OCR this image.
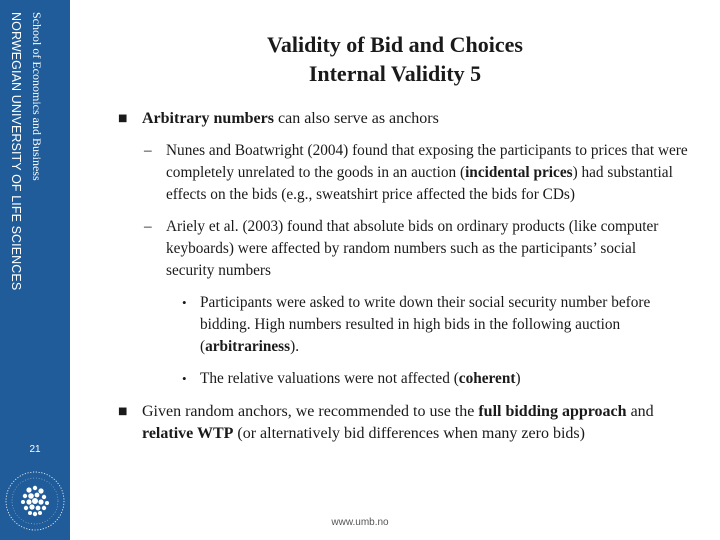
NORWEGIAN UNIVERSITY OF LIFE SCIENCES School of Economics and Business
21
Validity of Bid and Choices
Internal Validity 5
■ Arbitrary numbers can also serve as anchors
– Nunes and Boatwright (2004) found that exposing the participants to prices that were completely unrelated to the goods in an auction (incidental prices) had substantial effects on the bids (e.g., sweatshirt price affected the bids for CDs)
– Ariely et al. (2003) found that absolute bids on ordinary products (like computer keyboards) were affected by random numbers such as the participants’ social security numbers
• Participants were asked to write down their social security number before bidding. High numbers resulted in high bids in the following auction (arbitrariness).
• The relative valuations were not affected (coherent)
■ Given random anchors, we recommended to use the full bidding approach and relative WTP (or alternatively bid differences when many zero bids)
www.umb.no
